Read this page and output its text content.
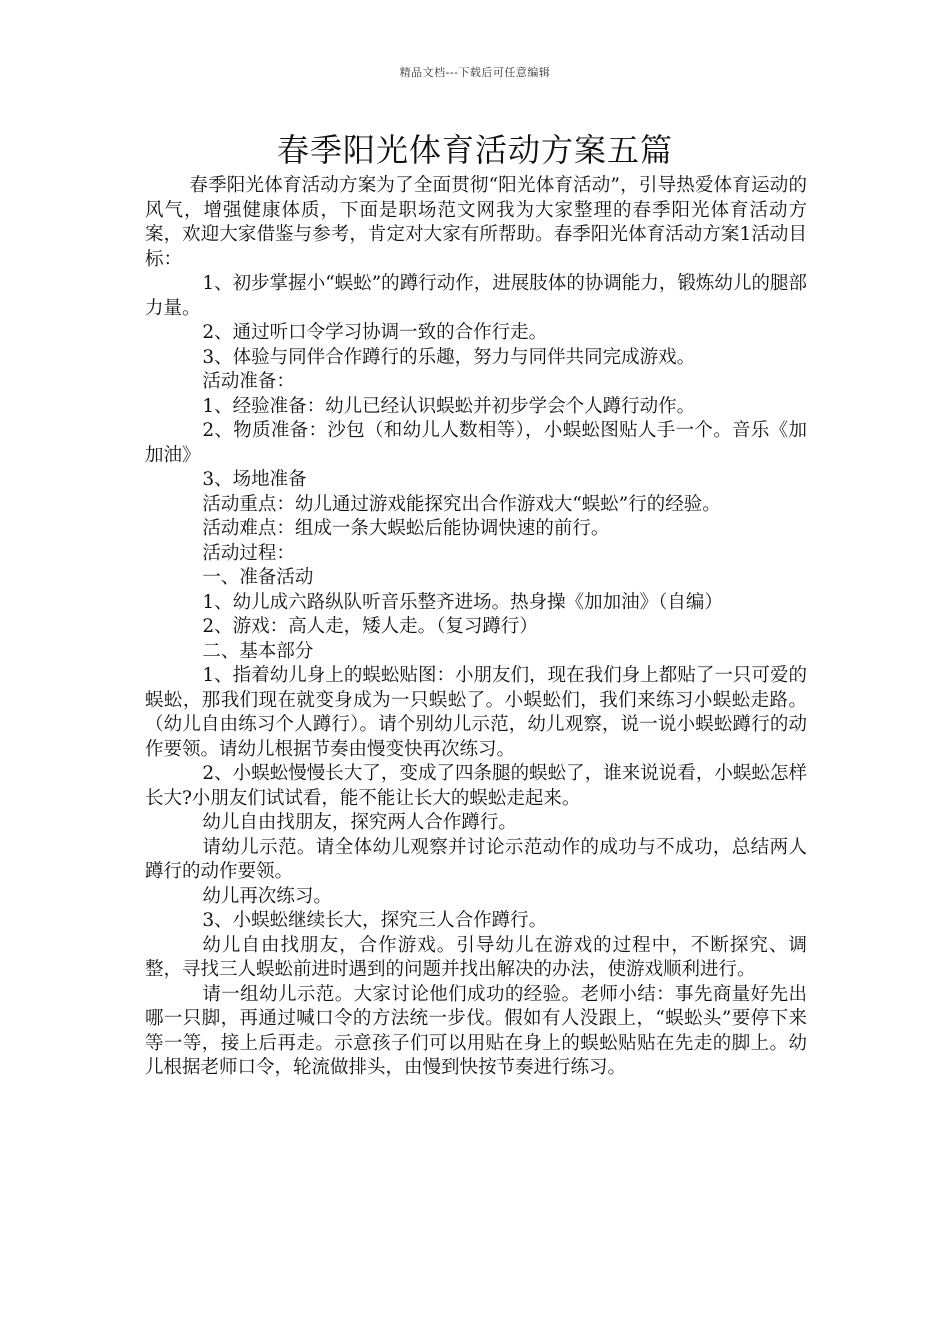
精品文档---下载后可任意编辑
春季阳光体育活动方案五篇

春季阳光体育活动方案为了全面贯彻“阳光体育活动”，引导热爱体育运动的风气，增强健康体质，下面是职场范文网我为大家整理的春季阳光体育活动方案，欢迎大家借鉴与参考，肯定对大家有所帮助。春季阳光体育活动方案1活动目标：

1、初步掌握小“蜈蚣”的蹲行动作，进展肢体的协调能力，锻炼幼儿的腿部力量。

2、通过听口令学习协调一致的合作行走。

3、体验与同伴合作蹲行的乐趣，努力与同伴共同完成游戏。

活动准备：

1、经验准备：幼儿已经认识蜈蚣并初步学会个人蹲行动作。

2、物质准备：沙包（和幼儿人数相等），小蜈蚣图贴人手一个。音乐《加加油》

3、场地准备

活动重点：幼儿通过游戏能探究出合作游戏大“蜈蚣”行的经验。

活动难点：组成一条大蜈蚣后能协调快速的前行。

活动过程：

一、准备活动

1、幼儿成六路纵队听音乐整齐进场。热身操《加加油》（自编）

2、游戏：高人走，矮人走。（复习蹲行）

二、基本部分

1、指着幼儿身上的蜈蚣贴图：小朋友们，现在我们身上都贴了一只可爱的蜈蚣，那我们现在就变身成为一只蜈蚣了。小蜈蚣们，我们来练习小蜈蚣走路。（幼儿自由练习个人蹲行）。请个别幼儿示范，幼儿观察，说一说小蜈蚣蹲行的动作要领。请幼儿根据节奏由慢变快再次练习。

2、小蜈蚣慢慢长大了，变成了四条腿的蜈蚣了，谁来说说看，小蜈蚣怎样长大?小朋友们试试看，能不能让长大的蜈蚣走起来。

幼儿自由找朋友，探究两人合作蹲行。

请幼儿示范。请全体幼儿观察并讨论示范动作的成功与不成功，总结两人蹲行的动作要领。

幼儿再次练习。

3、小蜈蚣继续长大，探究三人合作蹲行。

幼儿自由找朋友，合作游戏。引导幼儿在游戏的过程中，不断探究、调整，寻找三人蜈蚣前进时遇到的问题并找出解决的办法，使游戏顺利进行。

请一组幼儿示范。大家讨论他们成功的经验。老师小结：事先商量好先出哪一只脚，再通过喊口令的方法统一步伐。假如有人没跟上，“蜈蚣头”要停下来等一等，接上后再走。示意孩子们可以用贴在身上的蜈蚣贴贴在先走的脚上。幼儿根据老师口令，轮流做排头，由慢到快按节奏进行练习。
